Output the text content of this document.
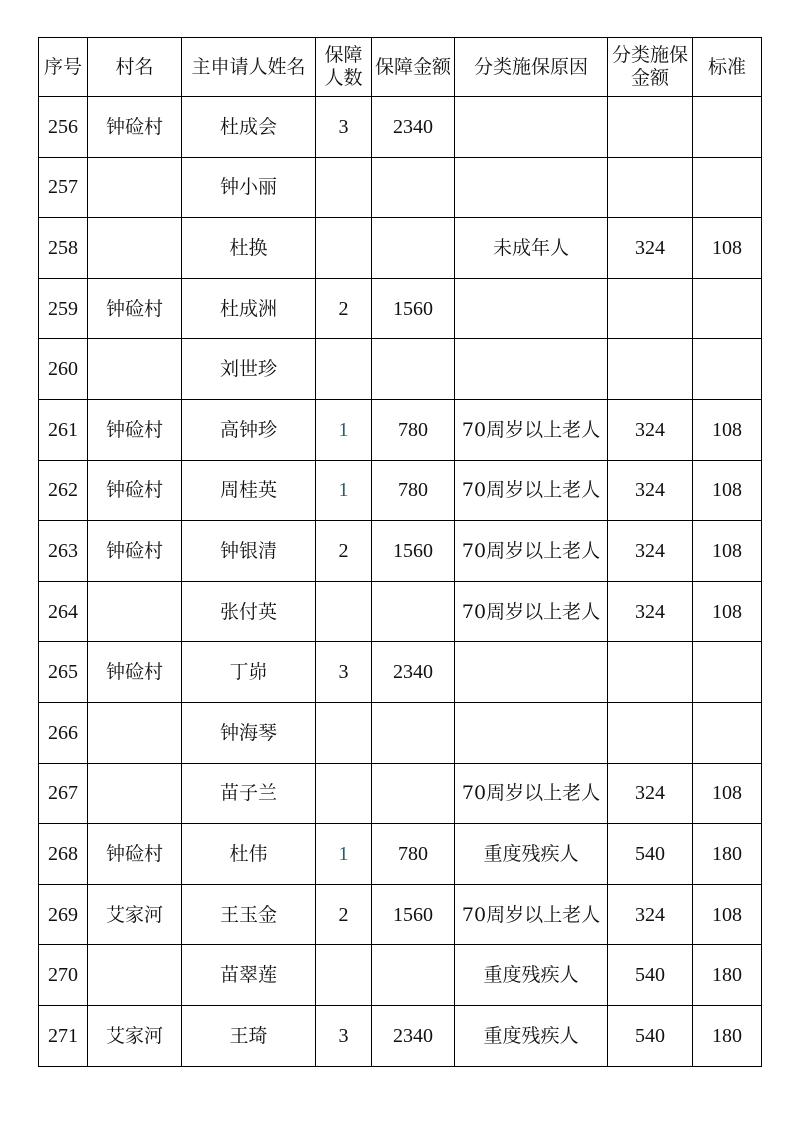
序号	村名	主申请人姓名	保障人数	保障金额	分类施保原因	分类施保金额	标准
256	钟硷村	杜成会	3	2340			
257		钟小丽					
258		杜换			未成年人	324	108
259	钟硷村	杜成洲	2	1560			
260		刘世珍					
261	钟硷村	高钟珍	1	780	70周岁以上老人	324	108
262	钟硷村	周桂英	1	780	70周岁以上老人	324	108
263	钟硷村	钟银清	2	1560	70周岁以上老人	324	108
264		张付英			70周岁以上老人	324	108
265	钟硷村	丁峁	3	2340			
266		钟海琴					
267		苗子兰			70周岁以上老人	324	108
268	钟硷村	杜伟	1	780	重度残疾人	540	180
269	艾家河	王玉金	2	1560	70周岁以上老人	324	108
270		苗翠莲			重度残疾人	540	180
271	艾家河	王琦	3	2340	重度残疾人	540	180
